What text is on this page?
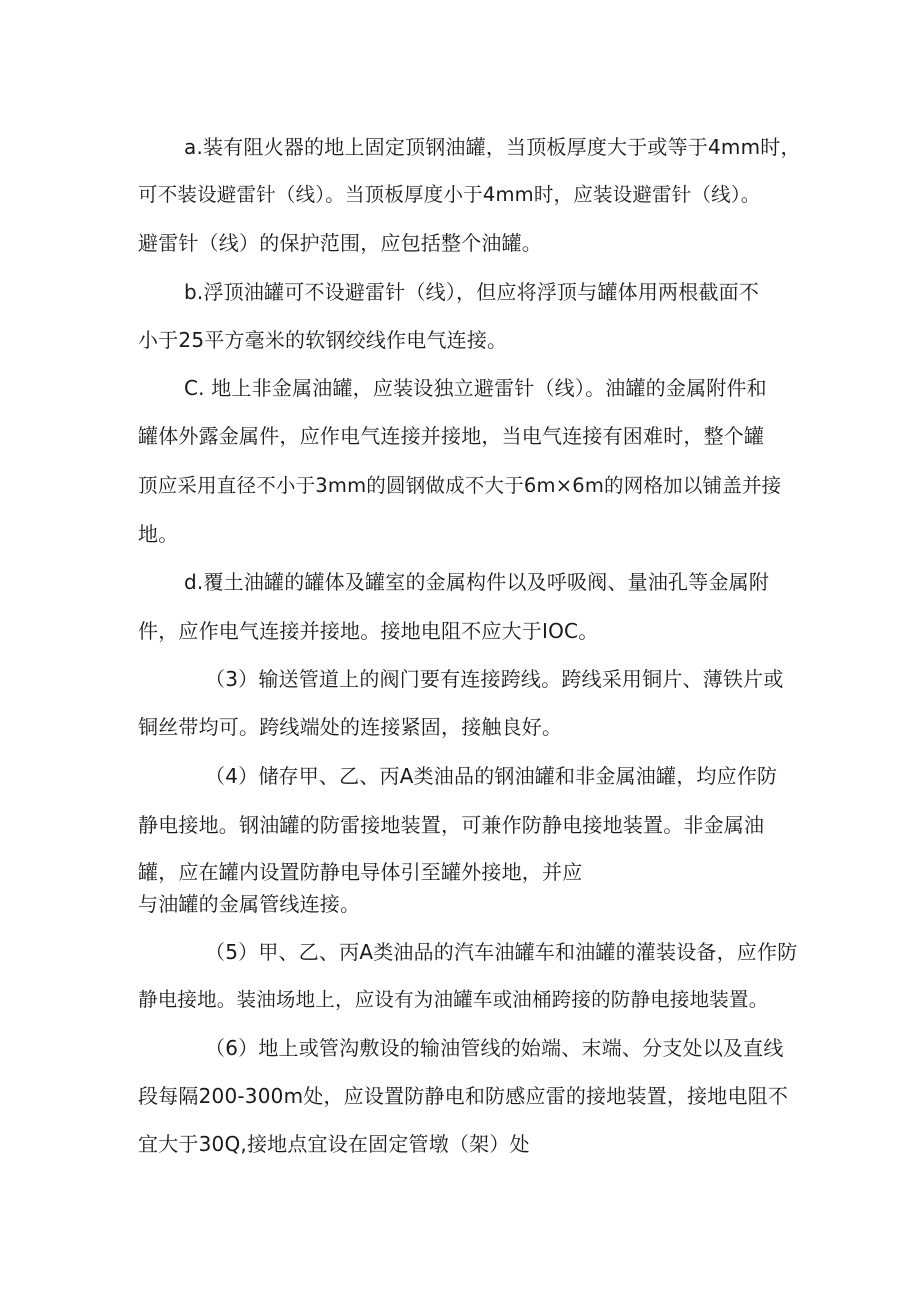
a.装有阻火器的地上固定顶钢油罐，当顶板厚度大于或等于4mm时，
可不装设避雷针（线）。当顶板厚度小于4mm时，应装设避雷针（线）。
避雷针（线）的保护范围，应包括整个油罐。
b.浮顶油罐可不设避雷针（线），但应将浮顶与罐体用两根截面不
小于25平方毫米的软钢绞线作电气连接。
C. 地上非金属油罐，应装设独立避雷针（线）。油罐的金属附件和
罐体外露金属件，应作电气连接并接地，当电气连接有困难时，整个罐
顶应采用直径不小于3mm的圆钢做成不大于6m×6m的网格加以铺盖并接
地。
d.覆土油罐的罐体及罐室的金属构件以及呼吸阀、量油孔等金属附
件，应作电气连接并接地。接地电阻不应大于IOC。
（3）输送管道上的阀门要有连接跨线。跨线采用铜片、薄铁片或
铜丝带均可。跨线端处的连接紧固，接触良好。
（4）储存甲、乙、丙A类油品的钢油罐和非金属油罐，均应作防
静电接地。钢油罐的防雷接地装置，可兼作防静电接地装置。非金属油
罐，应在罐内设置防静电导体引至罐外接地，并应
与油罐的金属管线连接。
（5）甲、乙、丙A类油品的汽车油罐车和油罐的灌装设备，应作防
静电接地。装油场地上，应设有为油罐车或油桶跨接的防静电接地装置。
（6）地上或管沟敷设的输油管线的始端、末端、分支处以及直线
段每隔200-300m处，应设置防静电和防感应雷的接地装置，接地电阻不
宜大于30Q,接地点宜设在固定管墩（架）处
